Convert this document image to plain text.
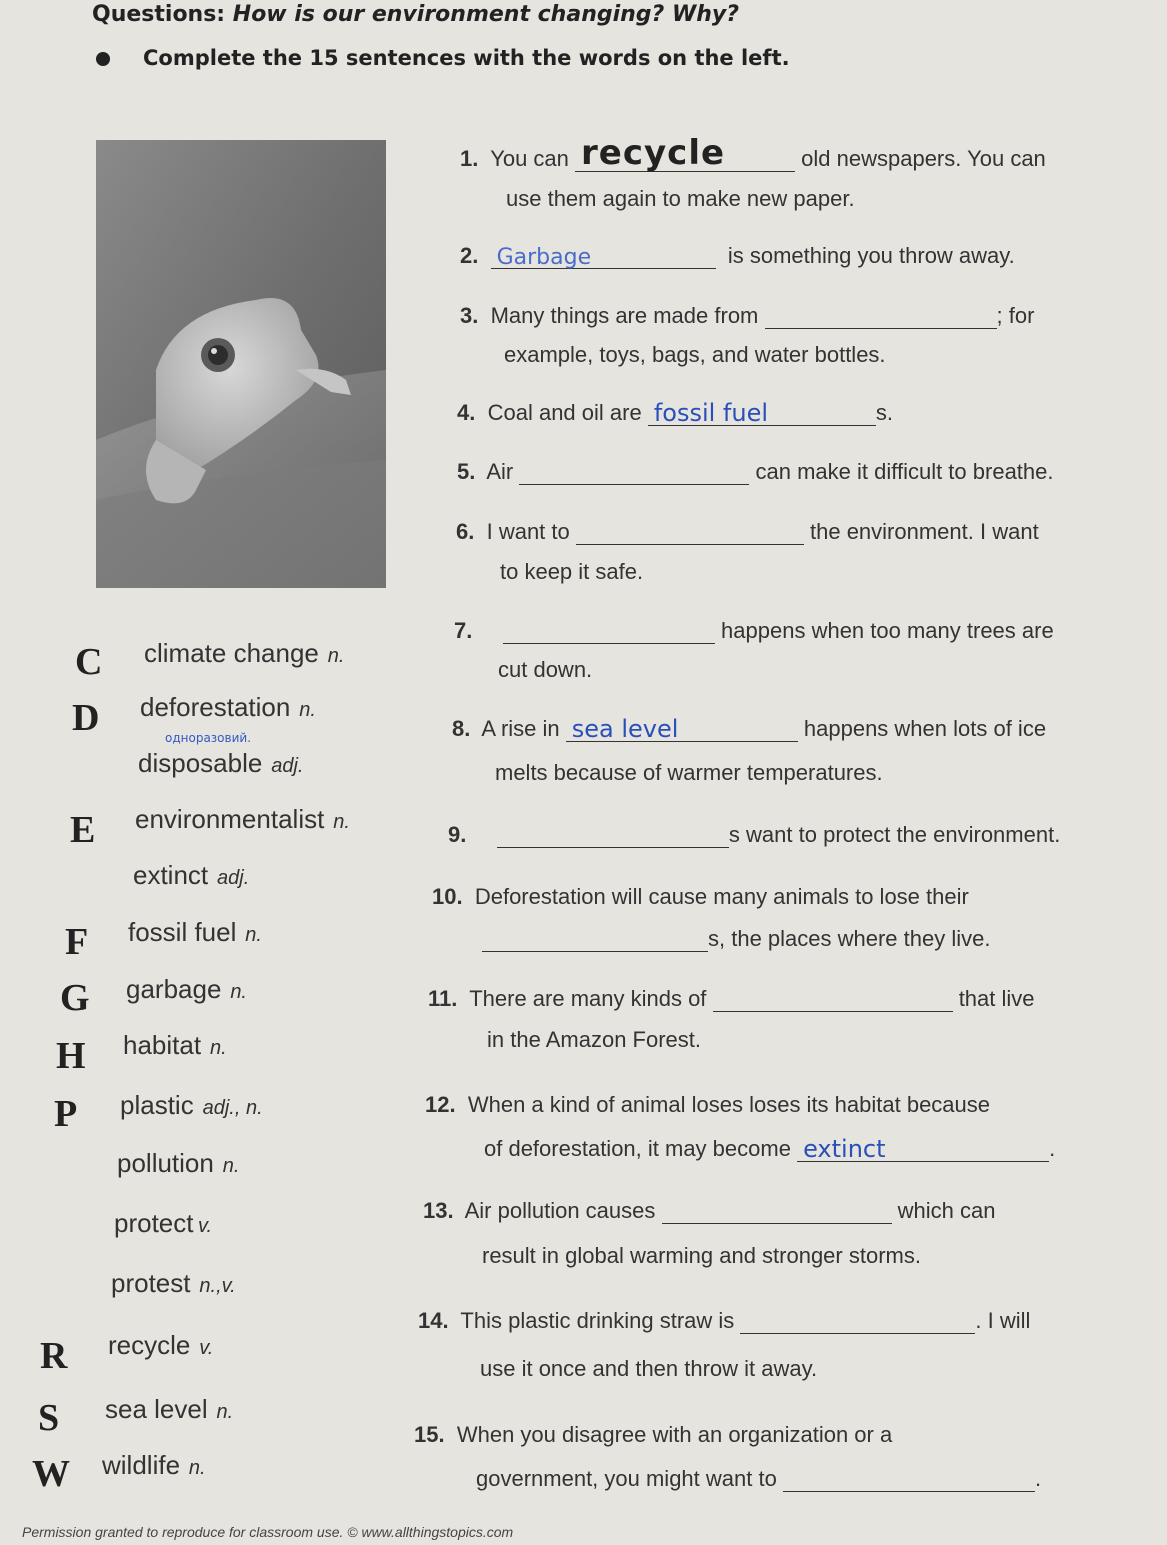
Questions: How is our environment changing? Why?
Complete the 15 sentences with the words on the left.
C climate change n.
D deforestation n.
одноразовий.
disposable adj.
E environmentalist n.
extinct adj.
F fossil fuel n.
G garbage n.
H habitat n.
P plastic adj., n.
pollution n.
protect v.
protest n.,v.
R recycle v.
S sea level n.
W wildlife n.
1. You can recycle	old newspapers. You can
use them again to make new paper.
2. Garbage	is something you throw away.
3. Many things are made from	; for
example, toys, bags, and water bottles.
4. Coal and oil are fossil fuel	s.
5. Air	can make it difficult to breathe.
6. I want to	the environment. I want
to keep it safe.
7.	happens when too many trees are
cut down.
8. A rise in sea level	happens when lots of ice
melts because of warmer temperatures.
9.	s want to protect the environment.
10. Deforestation will cause many animals to lose their
s, the places where they live.
11. There are many kinds of	that live
in the Amazon Forest.
12. When a kind of animal loses loses its habitat because
of deforestation, it may become extinct	.
13. Air pollution causes	which can
result in global warming and stronger storms.
14. This plastic drinking straw is	. I will
use it once and then throw it away.
15. When you disagree with an organization or a
government, you might want to	.
Permission granted to reproduce for classroom use. © www.allthingstopics.com
